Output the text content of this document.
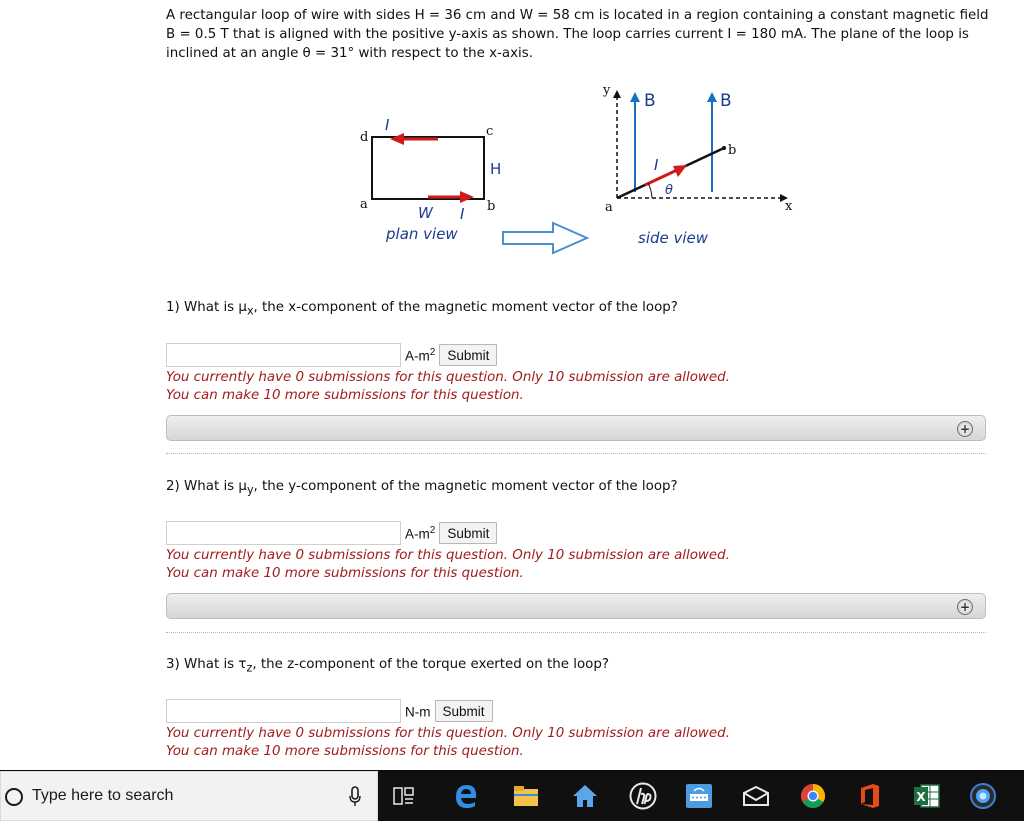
A rectangular loop of wire with sides H = 36 cm and W = 58 cm is located in a region containing a constant magnetic field
B = 0.5 T that is aligned with the positive y-axis as shown. The loop carries current I = 180 mA. The plane of the loop is
inclined at an angle θ = 31° with respect to the x-axis.
d	c
a	b
H
W
I
I
plan view
y
x
B	B
a
b
I
θ
side view
1) What is $\mu_x$, the x-component of the magnetic moment vector of the loop?
$A-m^2$ Submit
You currently have 0 submissions for this question. Only 10 submission are allowed.
You can make 10 more submissions for this question.
+
2) What is $\mu_y$, the y-component of the magnetic moment vector of the loop?
$A-m^2$ Submit
You currently have 0 submissions for this question. Only 10 submission are allowed.
You can make 10 more submissions for this question.
+
3) What is $\tau_z$, the z-component of the torque exerted on the loop?
N-m Submit
You currently have 0 submissions for this question. Only 10 submission are allowed.
You can make 10 more submissions for this question.
Type here to search	X
